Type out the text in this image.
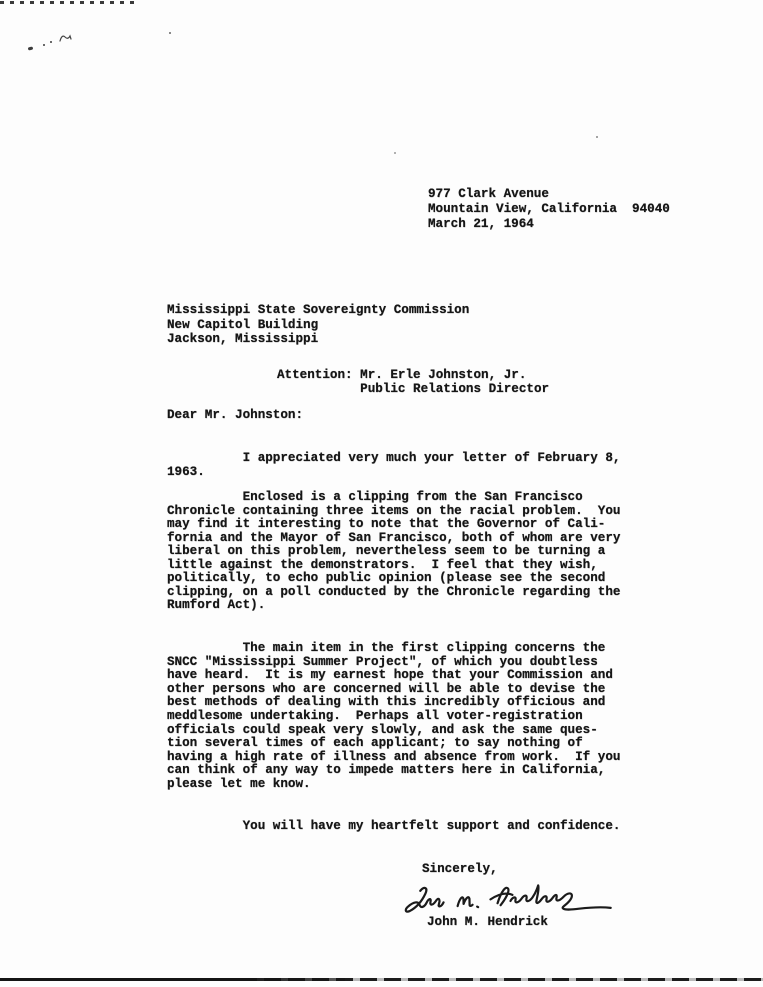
977 Clark Avenue
Mountain View, California  94040
March 21, 1964
Mississippi State Sovereignty Commission
New Capitol Building
Jackson, Mississippi
Attention: Mr. Erle Johnston, Jr.
Public Relations Director
Dear Mr. Johnston:
I appreciated very much your letter of February 8,
1963.
Enclosed is a clipping from the San Francisco
Chronicle containing three items on the racial problem.  You
may find it interesting to note that the Governor of Cali-
fornia and the Mayor of San Francisco, both of whom are very
liberal on this problem, nevertheless seem to be turning a
little against the demonstrators.  I feel that they wish,
politically, to echo public opinion (please see the second
clipping, on a poll conducted by the Chronicle regarding the
Rumford Act).
The main item in the first clipping concerns the
SNCC "Mississippi Summer Project", of which you doubtless
have heard.  It is my earnest hope that your Commission and
other persons who are concerned will be able to devise the
best methods of dealing with this incredibly officious and
meddlesome undertaking.  Perhaps all voter-registration
officials could speak very slowly, and ask the same ques-
tion several times of each applicant; to say nothing of
having a high rate of illness and absence from work.  If you
can think of any way to impede matters here in California,
please let me know.
You will have my heartfelt support and confidence.
Sincerely,
John M. Hendrick
